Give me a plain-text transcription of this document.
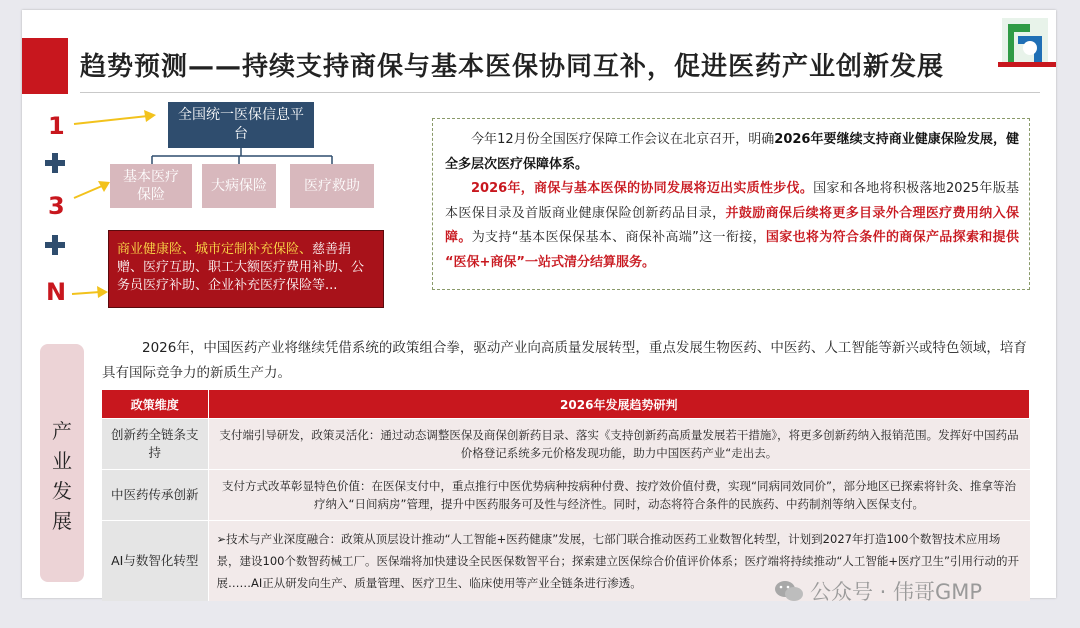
趋势预测——持续支持商保与基本医保协同互补，促进医药产业创新发展
1
3
N
全国统一医保信息平台
基本医疗保险
大病保险	医疗救助
商业健康险、城市定制补充保险、慈善捐赠、医疗互助、职工大额医疗费用补助、公务员医疗补助、企业补充医疗保险等...

今年12月份全国医疗保障工作会议在北京召开，明确2026年要继续支持商业健康保险发展，健全多层次医疗保障体系。

2026年，商保与基本医保的协同发展将迈出实质性步伐。国家和各地将积极落地2025年版基本医保目录及首版商业健康保险创新药品目录，并鼓励商保后续将更多目录外合理医疗费用纳入保障。为支持“基本医保保基本、商保补高端”这一衔接，国家也将为符合条件的商保产品探索和提供 “医保+商保”一站式清分结算服务。

产
业
发
展

2026年，中国医药产业将继续凭借系统的政策组合拳，驱动产业向高质量发展转型，重点发展生物医药、中医药、人工智能等新兴或特色领域，培育具有国际竞争力的新质生产力。

政策维度	2026年发展趋势研判
创新药全链条支持	支付端引导研发，政策灵活化：通过动态调整医保及商保创新药目录、落实《支持创新药高质量发展若干措施》，将更多创新药纳入报销范围。发挥好中国药品价格登记系统多元价格发现功能，助力中国医药产业“走出去。
中医药传承创新	支付方式改革彰显特色价值：在医保支付中，重点推行中医优势病种按病种付费、按疗效价值付费，实现“同病同效同价”，部分地区已探索将针灸、推拿等治疗纳入“日间病房”管理，提升中医药服务可及性与经济性。同时，动态将符合条件的民族药、中药制剂等纳入医保支付。
AI与数智化转型	➢技术与产业深度融合：政策从顶层设计推动“人工智能+医药健康”发展，七部门联合推动医药工业数智化转型，计划到2027年打造100个数智技术应用场景，建设100个数智药械工厂。医保端将加快建设全民医保数智平台；探索建立医保综合价值评价体系；医疗端将持续推动“人工智能+医疗卫生”引用行动的开展……AI正从研发向生产、质量管理、医疗卫生、临床使用等产业全链条进行渗透。	公众号 · 伟哥GMP
